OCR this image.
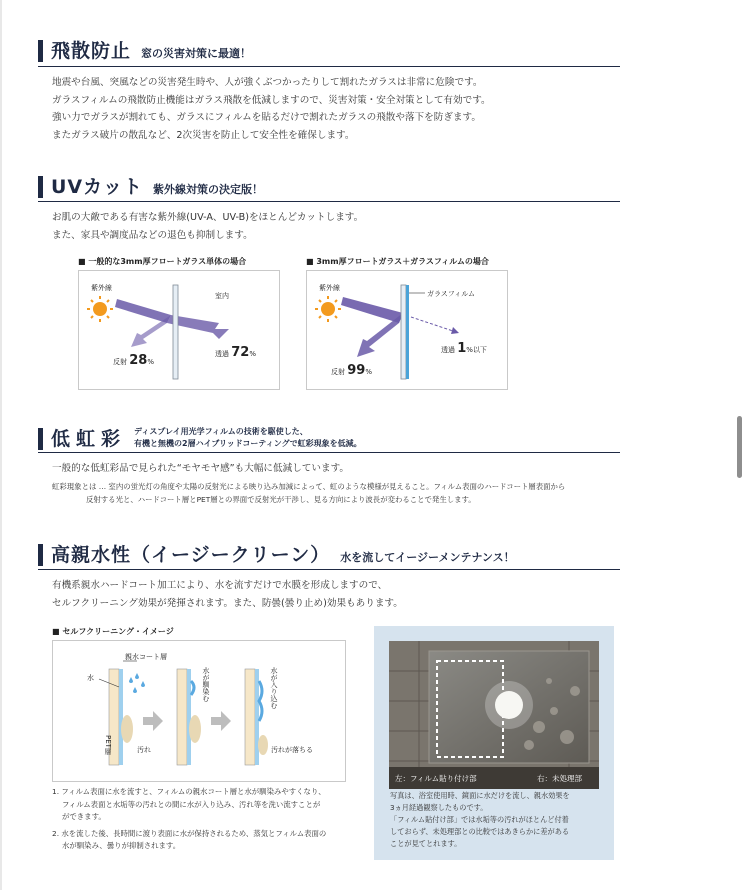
飛散防止 窓の災害対策に最適！
地震や台風、突風などの災害発生時や、人が強くぶつかったりして割れたガラスは非常に危険です。
ガラスフィルムの飛散防止機能はガラス飛散を低減しますので、災害対策・安全対策として有効です。
強い力でガラスが割れても、ガラスにフィルムを貼るだけで割れたガラスの飛散や落下を防ぎます。
またガラス破片の散乱など、2次災害を防止して安全性を確保します。
UVカット 紫外線対策の決定版！
お肌の大敵である有害な紫外線(UV-A、UV-B)をほとんどカットします。
また、家具や調度品などの退色も抑制します。
■ 一般的な3mm厚フロートガラス単体の場合
紫外線
室内
反射 28%
透過 72%
■ 3mm厚フロートガラス＋ガラスフィルムの場合
紫外線
ガラスフィルム
反射 99%
透過 1%以下
低虹彩 ディスプレイ用光学フィルムの技術を駆使した、
有機と無機の2層ハイブリッドコーティングで虹彩現象を低減。
一般的な低虹彩品で見られた“モヤモヤ感”も大幅に低減しています。
虹彩現象とは … 室内の蛍光灯の角度や太陽の反射光による映り込み加減によって、虹のような模様が見えること。フィルム表面のハードコート層表面から
反射する光と、ハードコート層とPET層との界面で反射光が干渉し、見る方向により波長が変わることで発生します。
高親水性（イージークリーン） 水を流してイージーメンテナンス！
有機系親水ハードコート加工により、水を流すだけで水膜を形成しますので、
セルフクリーニング効果が発揮されます。また、防曇(曇り止め)効果もあります。
■ セルフクリーニング・イメージ
親水コート層
水
PET層	汚れ
水が馴染む	水が入り込む
汚れが落ちる
1. フィルム表面に水を流すと、フィルムの親水コート層と水が馴染みやすくなり、
フィルム表面と水垢等の汚れとの間に水が入り込み、汚れ等を洗い流すことが
ができます。
2. 水を流した後、長時間に渡り表面に水が保持されるため、蒸気とフィルム表面の
水が馴染み、曇りが抑制されます。
左：フィルム貼り付け部	右：未処理部
写真は、浴室使用時、鏡面に水だけを流し、親水効果を
3ヵ月経過観察したものです。
「フィルム貼付け部」では水垢等の汚れがほとんど付着
しておらず、未処理部との比較ではあきらかに差がある
ことが見てとれます。
